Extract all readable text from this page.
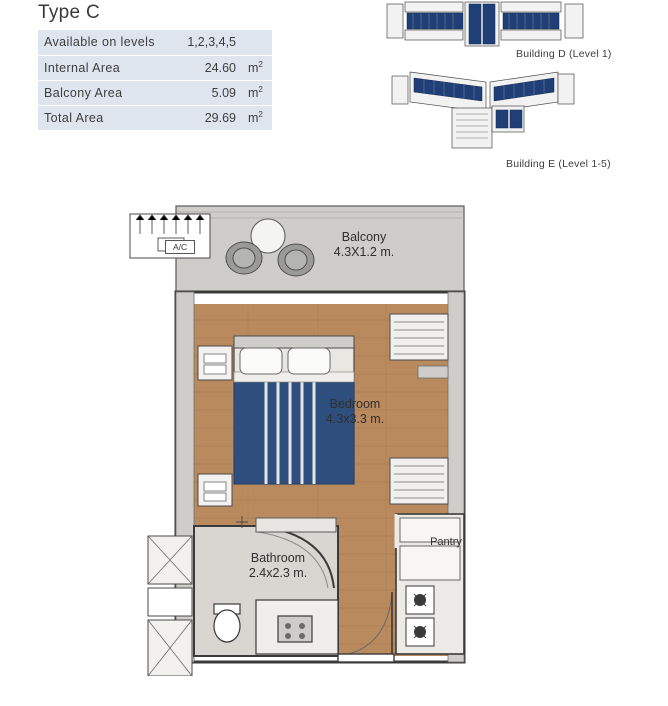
Type C
Available on levels	1,2,3,4,5	
Internal Area	24.60	$m^2$
Balcony Area	5.09	$m^2$
Total Area	29.69	$m^2$
Building D (Level 1)
Building E (Level 1-5)
Balcony
4.3X1.2 m.
Bedroom
4.3x3.3 m.
Bathroom
2.4x2.3 m.
Pantry
A/C
